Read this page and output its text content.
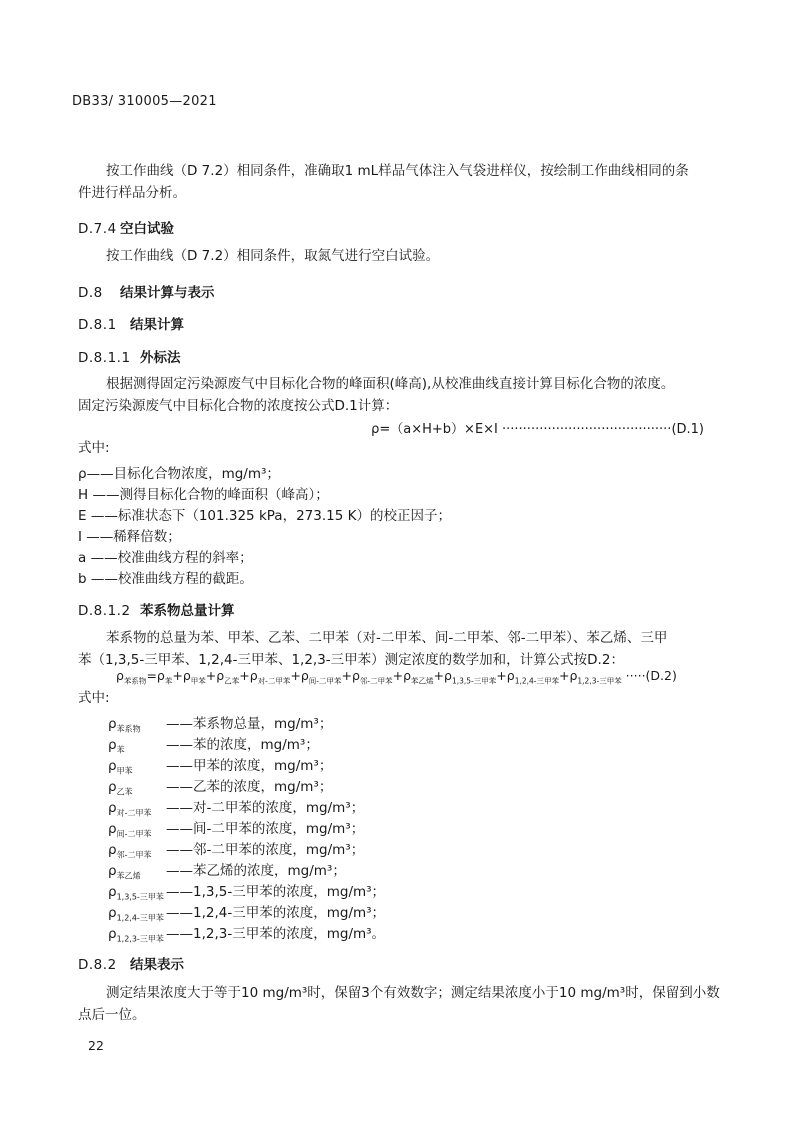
DB33/ 310005—2021
按工作曲线（D 7.2）相同条件，准确取1 mL样品气体注入气袋进样仪，按绘制工作曲线相同的条
件进行样品分析。
D.7.4 空白试验
按工作曲线（D 7.2）相同条件，取氮气进行空白试验。
D.8 结果计算与表示
D.8.1 结果计算
D.8.1.1 外标法
根据测得固定污染源废气中目标化合物的峰面积(峰高),从校准曲线直接计算目标化合物的浓度。
固定污染源废气中目标化合物的浓度按公式D.1计算：
ρ=（a×H+b）×E×I ·········································(D.1)
式中:
ρ——目标化合物浓度，mg/m³；
H ——测得目标化合物的峰面积（峰高）；
E ——标准状态下（101.325 kPa，273.15 K）的校正因子；
I ——稀释倍数；
a ——校准曲线方程的斜率；
b ——校准曲线方程的截距。
D.8.1.2 苯系物总量计算
苯系物的总量为苯、甲苯、乙苯、二甲苯（对-二甲苯、间-二甲苯、邻-二甲苯）、苯乙烯、三甲
苯（1,3,5-三甲苯、1,2,4-三甲苯、1,2,3-三甲苯）测定浓度的数学加和，计算公式按D.2：
$\rho_{苯系物}=\rho_苯+\rho_{甲苯}+\rho_{乙苯}+\rho_{对-二甲苯}+\rho_{间-二甲苯}+\rho_{邻-二甲苯}+\rho_{苯乙烯}+\rho_{1,3,5-三甲苯}+\rho_{1,2,4-三甲苯}+\rho_{1,2,3-三甲苯} \cdot\cdot\cdot\cdot\cdot(D.2)$
式中:
$\rho_{苯系物}$ ——苯系物总量，mg/m³；
$\rho_苯$	——苯的浓度，mg/m³；
$\rho_{甲苯}$ ——甲苯的浓度，mg/m³；
$\rho_{乙苯}$ ——乙苯的浓度，mg/m³；
$\rho_{对-二甲苯}$ ——对-二甲苯的浓度，mg/m³；
$\rho_{间-二甲苯}$ ——间-二甲苯的浓度，mg/m³；
$\rho_{邻-二甲苯}$ ——邻-二甲苯的浓度，mg/m³；
$\rho_{苯乙烯}$ ——苯乙烯的浓度，mg/m³；
$\rho_{1,3,5-三甲苯}$ ——1,3,5-三甲苯的浓度，mg/m³；
$\rho_{1,2,4-三甲苯}$ ——1,2,4-三甲苯的浓度，mg/m³；
$\rho_{1,2,3-三甲苯}$ ——1,2,3-三甲苯的浓度，mg/m³。
D.8.2 结果表示
测定结果浓度大于等于10 mg/m³时，保留3个有效数字；测定结果浓度小于10 mg/m³时，保留到小数
点后一位。
22
